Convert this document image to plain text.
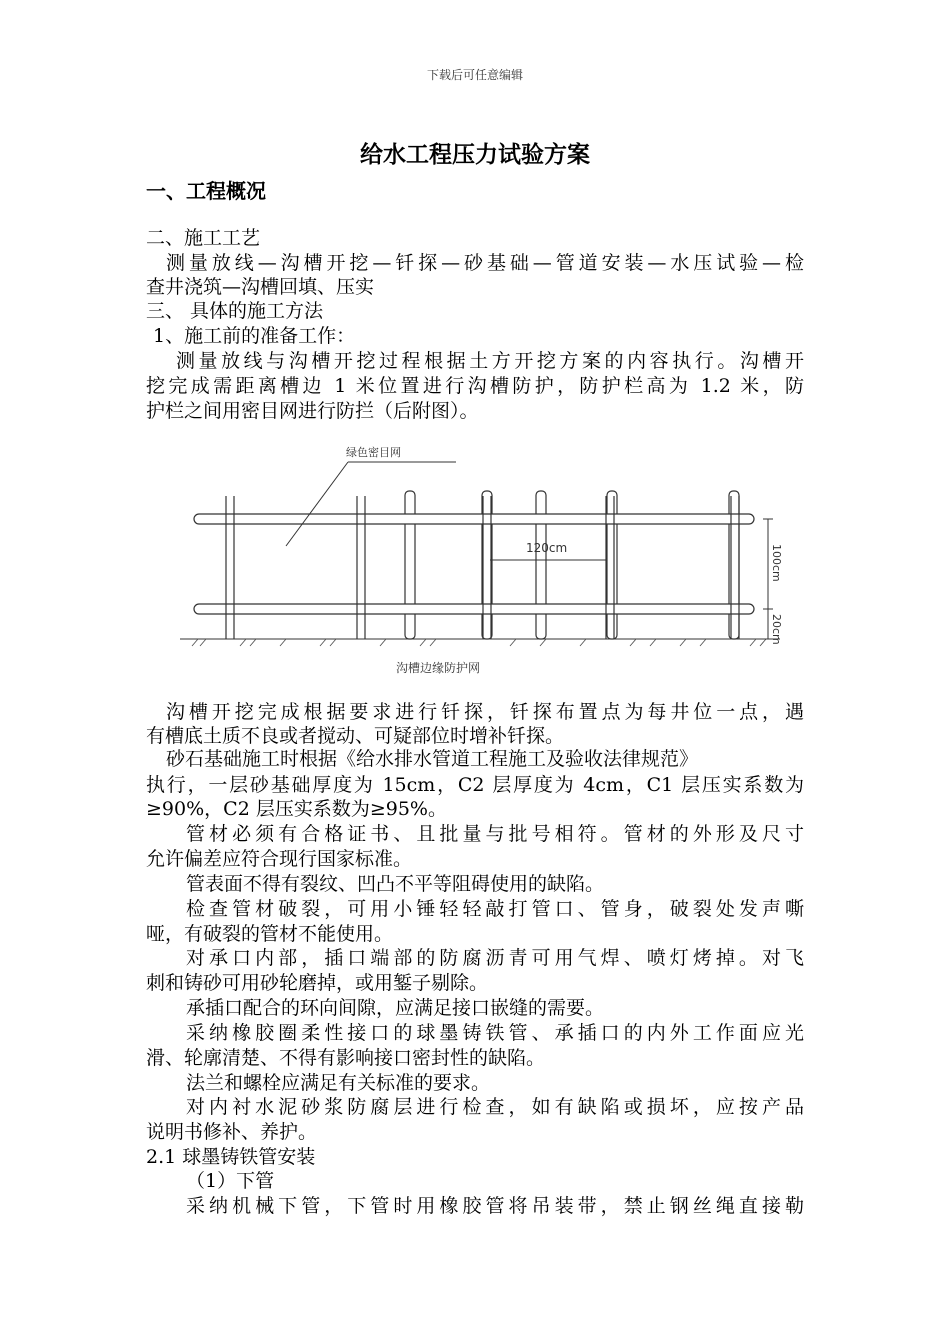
下载后可任意编辑
给水工程压力试验方案
一、工程概况
二、施工工艺
测量放线—沟槽开挖—钎探—砂基础—管道安装—水压试验—检
查井浇筑—沟槽回填、压实
三、 具体的施工方法
1、施工前的准备工作：
测量放线与沟槽开挖过程根据土方开挖方案的内容执行。沟槽开
挖完成需距离槽边 1 米位置进行沟槽防护，防护栏高为 1.2 米，防
护栏之间用密目网进行防拦（后附图）。
绿色密目网
120cm	100cm
20cm
沟槽边缘防护网
沟槽开挖完成根据要求进行钎探，钎探布置点为每井位一点，遇
有槽底土质不良或者搅动、可疑部位时增补钎探。
砂石基础施工时根据《给水排水管道工程施工及验收法律规范》
执行，一层砂基础厚度为 15cm，C2 层厚度为 4cm，C1 层压实系数为
≥90%，C2 层压实系数为≥95%。
管材必须有合格证书、且批量与批号相符。管材的外形及尺寸
允许偏差应符合现行国家标准。
管表面不得有裂纹、凹凸不平等阻碍使用的缺陷。
检查管材破裂，可用小锤轻轻敲打管口、管身，破裂处发声嘶
哑，有破裂的管材不能使用。
对承口内部，插口端部的防腐沥青可用气焊、喷灯烤掉。对飞
刺和铸砂可用砂轮磨掉，或用錾子剔除。
承插口配合的环向间隙，应满足接口嵌缝的需要。
采纳橡胶圈柔性接口的球墨铸铁管、承插口的内外工作面应光
滑、轮廓清楚、不得有影响接口密封性的缺陷。
法兰和螺栓应满足有关标准的要求。
对内衬水泥砂浆防腐层进行检查，如有缺陷或损坏，应按产品
说明书修补、养护。
2.1 球墨铸铁管安装
（1）下管
采纳机械下管，下管时用橡胶管将吊装带，禁止钢丝绳直接勒
